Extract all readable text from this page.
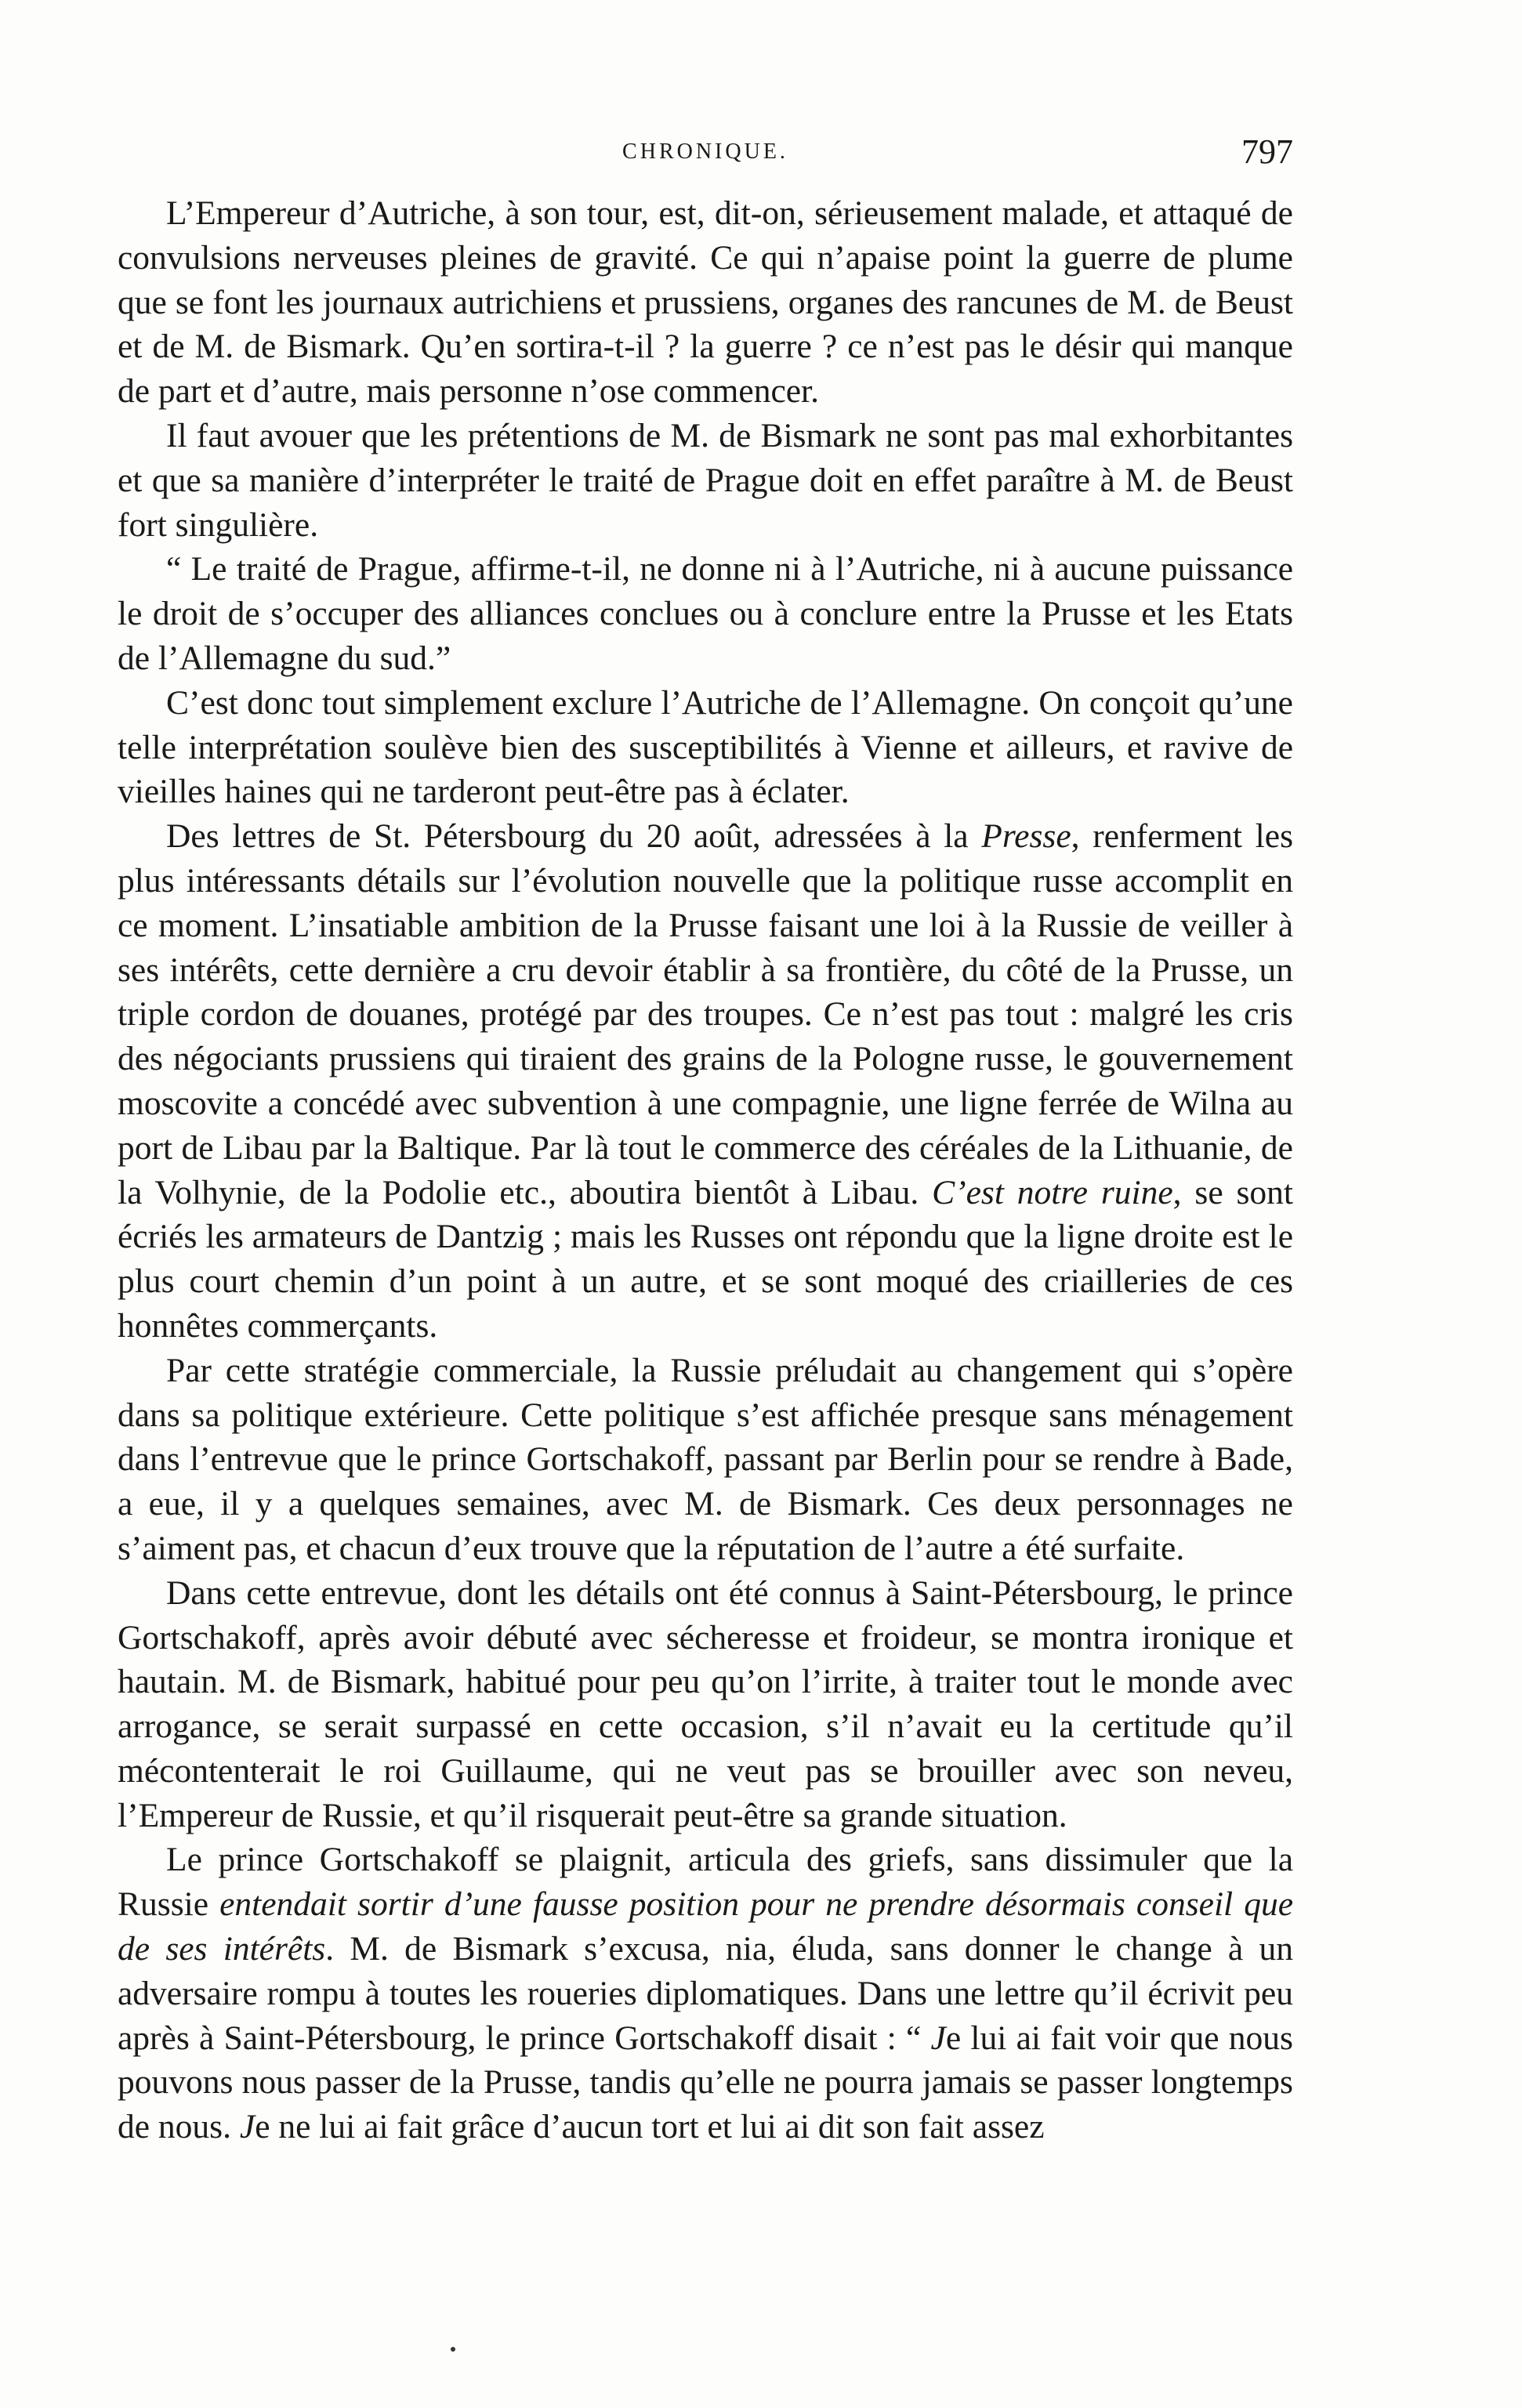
CHRONIQUE.	797

L’Empereur d’Autriche, à son tour, est, dit-on, sérieusement malade, et attaqué de convulsions nerveuses pleines de gravité. Ce qui n’apaise point la guerre de plume que se font les journaux autrichiens et prussiens, organes des rancunes de M. de Beust et de M. de Bismark. Qu’en sortira-t-il ? la guerre ? ce n’est pas le désir qui manque de part et d’autre, mais personne n’ose commencer.

Il faut avouer que les prétentions de M. de Bismark ne sont pas mal exhorbitantes et que sa manière d’interpréter le traité de Prague doit en effet paraître à M. de Beust fort singulière.

“ Le traité de Prague, affirme-t-il, ne donne ni à l’Autriche, ni à aucune puissance le droit de s’occuper des alliances conclues ou à conclure entre la Prusse et les Etats de l’Allemagne du sud.”

C’est donc tout simplement exclure l’Autriche de l’Allemagne. On conçoit qu’une telle interprétation soulève bien des susceptibilités à Vienne et ailleurs, et ravive de vieilles haines qui ne tarderont peut-être pas à éclater.

Des lettres de St. Pétersbourg du 20 août, adressées à la Presse, renferment les plus intéressants détails sur l’évolution nouvelle que la politique russe accomplit en ce moment. L’insatiable ambition de la Prusse faisant une loi à la Russie de veiller à ses intérêts, cette dernière a cru devoir établir à sa frontière, du côté de la Prusse, un triple cordon de douanes, protégé par des troupes. Ce n’est pas tout : malgré les cris des négociants prussiens qui tiraient des grains de la Pologne russe, le gouvernement moscovite a concédé avec subvention à une compagnie, une ligne ferrée de Wilna au port de Libau par la Baltique. Par là tout le commerce des céréales de la Lithuanie, de la Volhynie, de la Podolie etc., aboutira bientôt à Libau. C’est notre ruine, se sont écriés les armateurs de Dantzig ; mais les Russes ont répondu que la ligne droite est le plus court chemin d’un point à un autre, et se sont moqué des criailleries de ces honnêtes commerçants.

Par cette stratégie commerciale, la Russie préludait au changement qui s’opère dans sa politique extérieure. Cette politique s’est affichée presque sans ménagement dans l’entrevue que le prince Gortschakoff, passant par Berlin pour se rendre à Bade, a eue, il y a quelques semaines, avec M. de Bismark. Ces deux personnages ne s’aiment pas, et chacun d’eux trouve que la réputation de l’autre a été surfaite.

Dans cette entrevue, dont les détails ont été connus à Saint-Pétersbourg, le prince Gortschakoff, après avoir débuté avec sécheresse et froideur, se montra ironique et hautain. M. de Bismark, habitué pour peu qu’on l’irrite, à traiter tout le monde avec arrogance, se serait surpassé en cette occasion, s’il n’avait eu la certitude qu’il mécontenterait le roi Guillaume, qui ne veut pas se brouiller avec son neveu, l’Empereur de Russie, et qu’il risquerait peut-être sa grande situation.

Le prince Gortschakoff se plaignit, articula des griefs, sans dissimuler que la Russie entendait sortir d’une fausse position pour ne prendre désormais conseil que de ses intérêts. M. de Bismark s’excusa, nia, éluda, sans donner le change à un adversaire rompu à toutes les roueries diplomatiques. Dans une lettre qu’il écrivit peu après à Saint-Pétersbourg, le prince Gortschakoff disait : “ Je lui ai fait voir que nous pouvons nous passer de la Prusse, tandis qu’elle ne pourra jamais se passer longtemps de nous. Je ne lui ai fait grâce d’aucun tort et lui ai dit son fait assez
